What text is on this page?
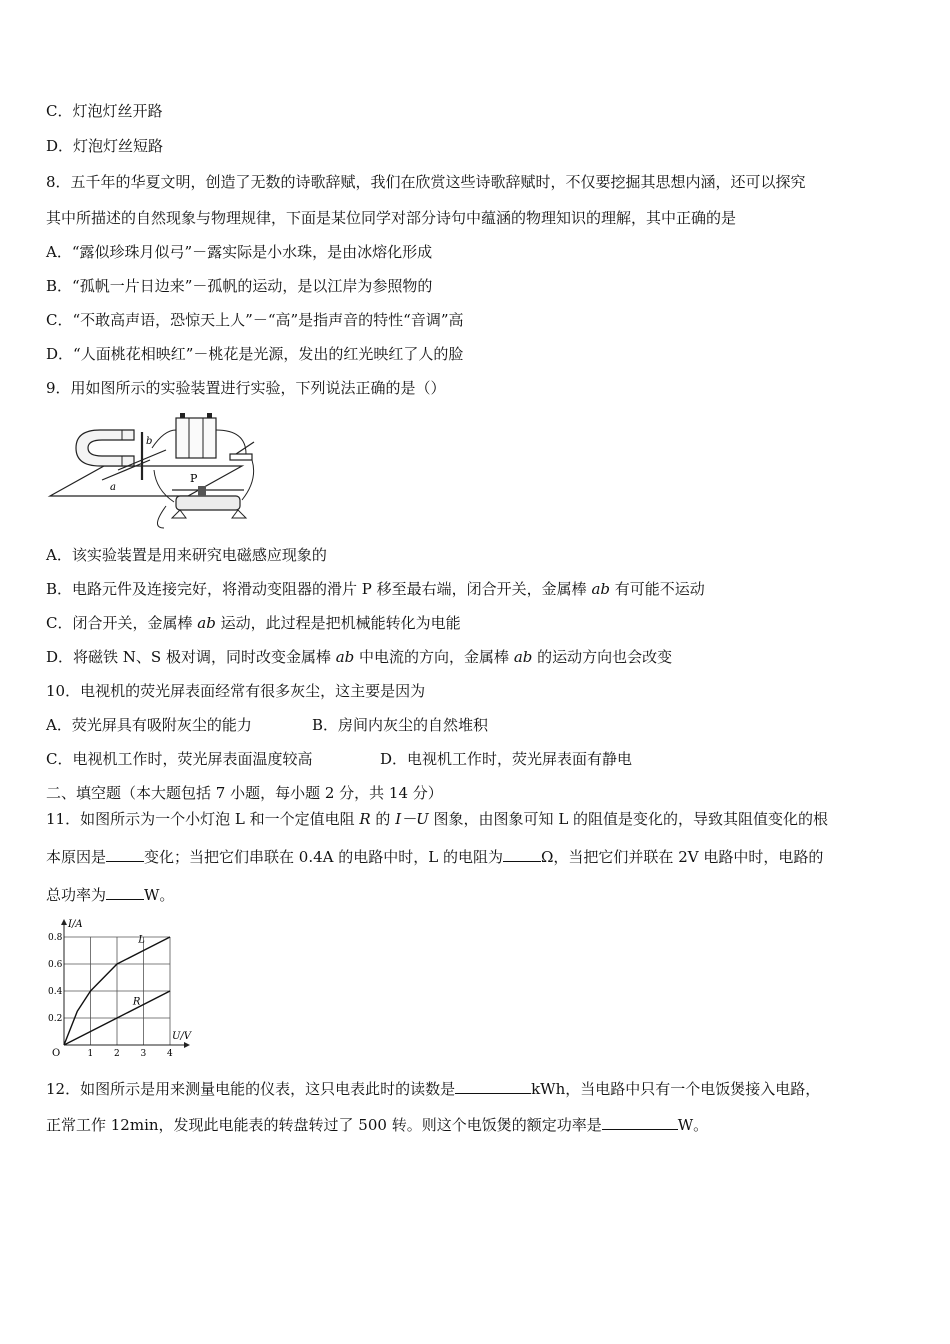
C．灯泡灯丝开路
D．灯泡灯丝短路
8．五千年的华夏文明，创造了无数的诗歌辞赋，我们在欣赏这些诗歌辞赋时，不仅要挖掘其思想内涵，还可以探究
其中所描述的自然现象与物理规律，下面是某位同学对部分诗句中蕴涵的物理知识的理解，其中正确的是
A．“露似珍珠月似弓”－露实际是小水珠，是由冰熔化形成
B．“孤帆一片日边来”－孤帆的运动，是以江岸为参照物的
C．“不敢高声语，恐惊天上人”－“高”是指声音的特性“音调”高
D．“人面桃花相映红”－桃花是光源，发出的红光映红了人的脸
9．用如图所示的实验装置进行实验，下列说法正确的是（）
b
a
P
A．该实验装置是用来研究电磁感应现象的
B．电路元件及连接完好，将滑动变阻器的滑片 P 移至最右端，闭合开关，金属棒 ab 有可能不运动
C．闭合开关，金属棒 ab 运动，此过程是把机械能转化为电能
D．将磁铁 N、S 极对调，同时改变金属棒 ab 中电流的方向，金属棒 ab 的运动方向也会改变
10．电视机的荧光屏表面经常有很多灰尘，这主要是因为
A．荧光屏具有吸附灰尘的能力	B．房间内灰尘的自然堆积
C．电视机工作时，荧光屏表面温度较高	D．电视机工作时，荧光屏表面有静电
二、填空题（本大题包括 7 小题，每小题 2 分，共 14 分）
11．如图所示为一个小灯泡 L 和一个定值电阻 R 的 I－U 图象，由图象可知 L 的阻值是变化的，导致其阻值变化的根
本原因是	变化；当把它们串联在 0.4A 的电路中时，L 的电阻为	Ω，当把它们并联在 2V 电路中时，电路的
总功率为	W。
1 2 3 4
0.2
0.4
0.6
0.8	L
R
I/A
U/V
O
12．如图所示是用来测量电能的仪表，这只电表此时的读数是	kWh，当电路中只有一个电饭煲接入电路，
正常工作 12min，发现此电能表的转盘转过了 500 转。则这个电饭煲的额定功率是	W。
